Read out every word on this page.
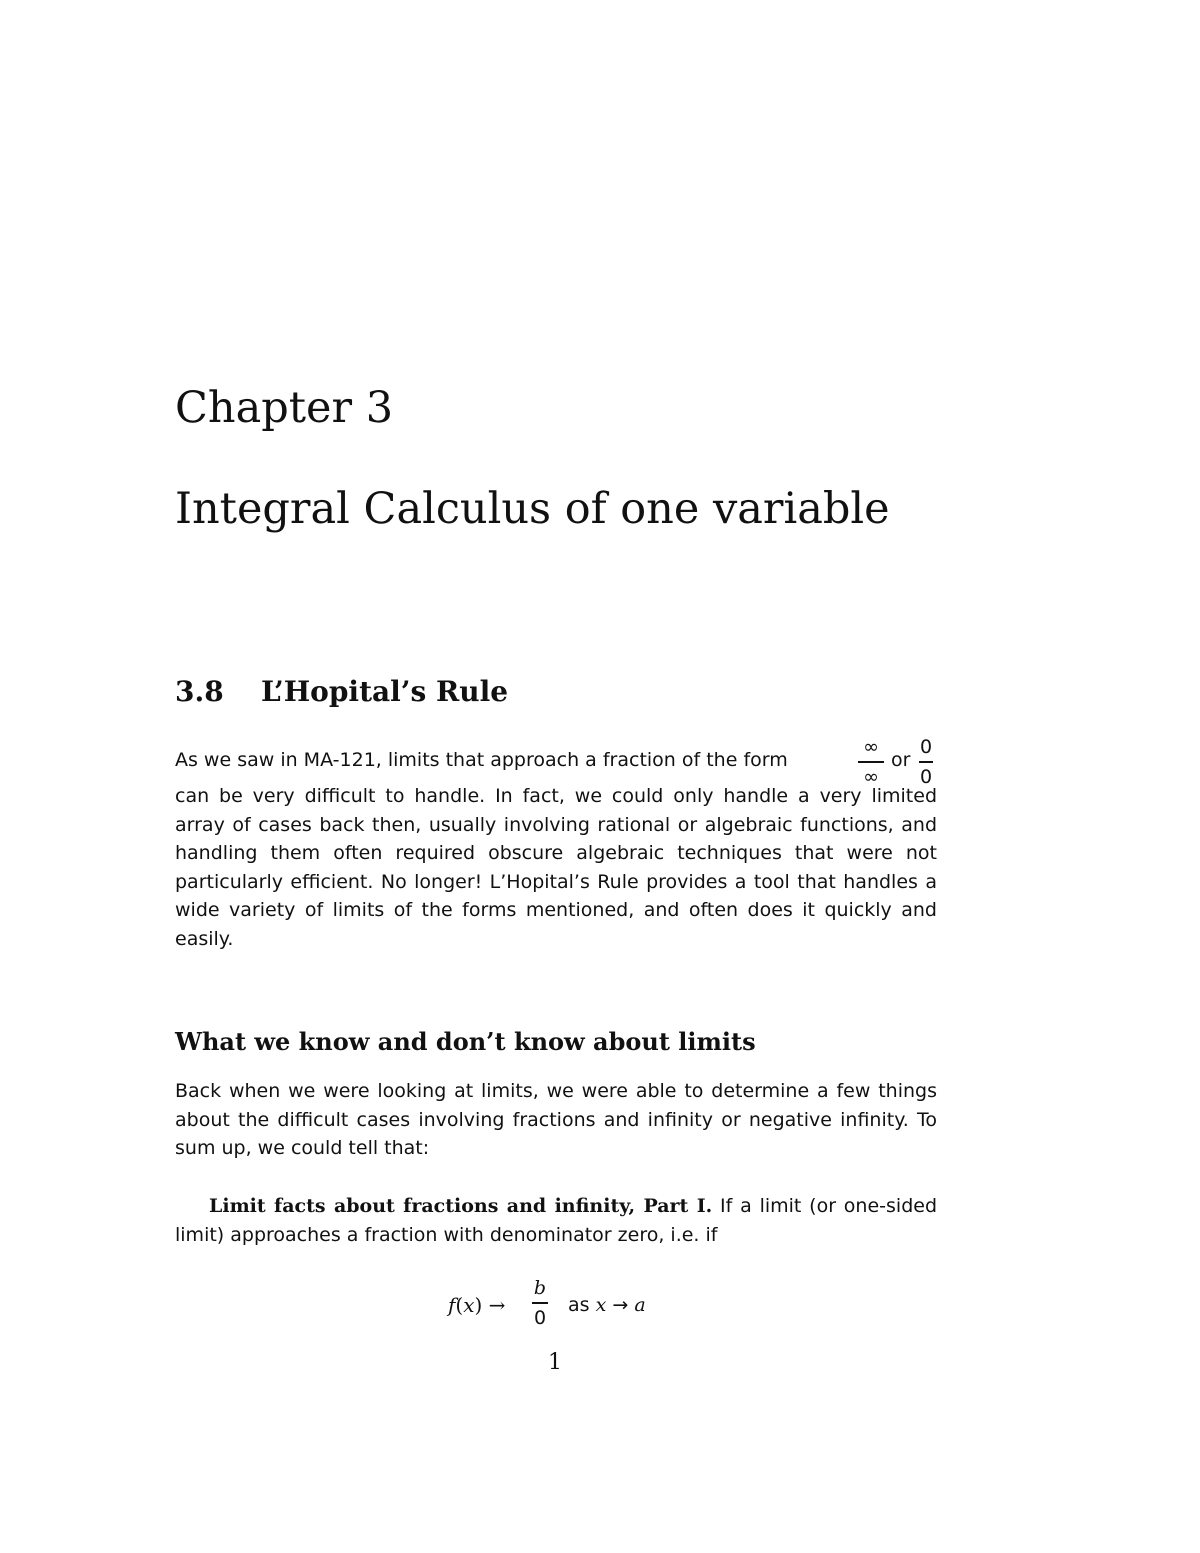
Chapter 3
Integral Calculus of one variable
3.8 L’Hopital’s Rule
As we saw in MA-121, limits that approach a fraction of the form
∞
∞
or
0
0

can be very difficult to handle. In fact, we could only handle a very limited array of cases back then, usually involving rational or algebraic functions, and handling them often required obscure algebraic techniques that were not particularly efficient. No longer! L’Hopital’s Rule provides a tool that handles a wide variety of limits of the forms mentioned, and often does it quickly and easily.

What we know and don’t know about limits

Back when we were looking at limits, we were able to determine a few things about the difficult cases involving fractions and infinity or negative infinity. To sum up, we could tell that:

Limit facts about fractions and infinity, Part I. If a limit (or one-sided limit) approaches a fraction with denominator zero, i.e. if

f(x) →
b
0
as x → a
1
